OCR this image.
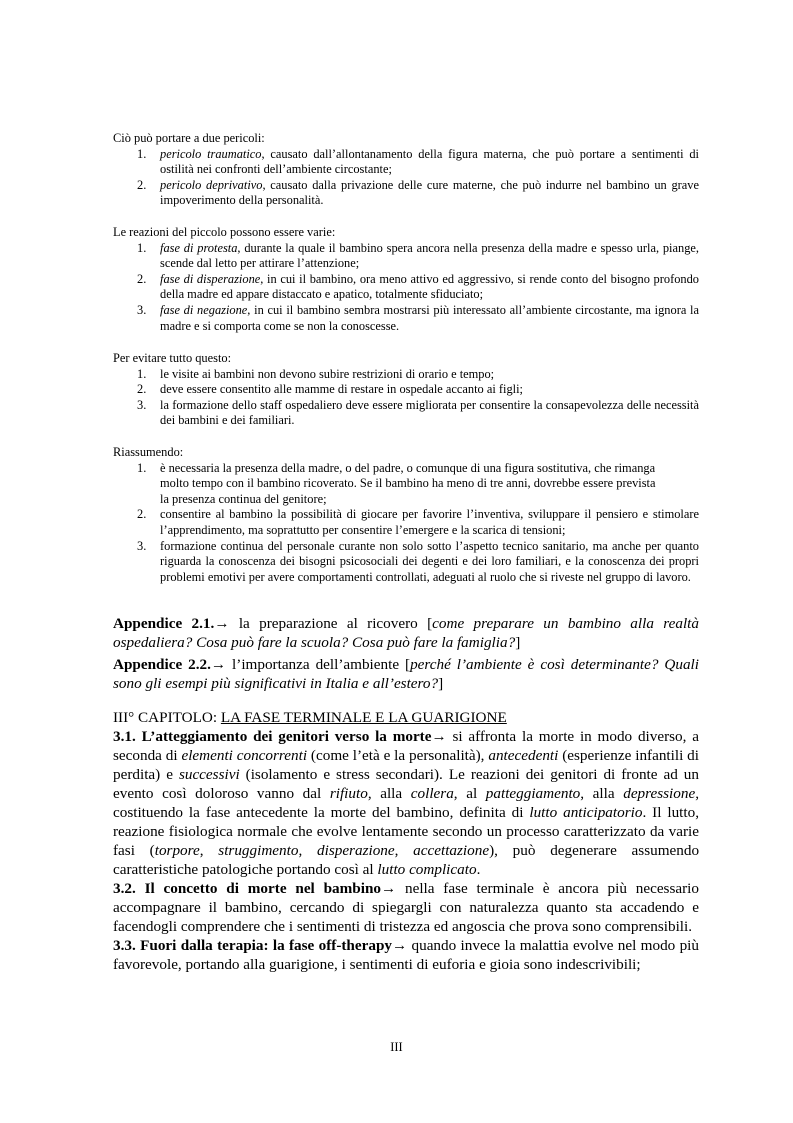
Ciò può portare a due pericoli:

1. pericolo traumatico, causato dall’allontanamento della figura materna, che può portare a sentimenti di ostilità nei confronti dell’ambiente circostante;
2. pericolo deprivativo, causato dalla privazione delle cure materne, che può indurre nel bambino un grave impoverimento della personalità.

Le reazioni del piccolo possono essere varie:

1. fase di protesta, durante la quale il bambino spera ancora nella presenza della madre e spesso urla, piange, scende dal letto per attirare l’attenzione;
2. fase di disperazione, in cui il bambino, ora meno attivo ed aggressivo, si rende conto del bisogno profondo della madre ed appare distaccato e apatico, totalmente sfiduciato;
3. fase di negazione, in cui il bambino sembra mostrarsi più interessato all’ambiente circostante, ma ignora la madre e si comporta come se non la conoscesse.

Per evitare tutto questo:

1. le visite ai bambini non devono subire restrizioni di orario e tempo;
2. deve essere consentito alle mamme di restare in ospedale accanto ai figli;
3. la formazione dello staff ospedaliero deve essere migliorata per consentire la consapevolezza delle necessità dei bambini e dei familiari.

Riassumendo:

1. è necessaria la presenza della madre, o del padre, o comunque di una figura sostitutiva, che rimanga
molto tempo con il bambino ricoverato. Se il bambino ha meno di tre anni, dovrebbe essere prevista
la presenza continua del genitore;
2. consentire al bambino la possibilità di giocare per favorire l’inventiva, sviluppare il pensiero e stimolare l’apprendimento, ma soprattutto per consentire l’emergere e la scarica di tensioni;
3. formazione continua del personale curante non solo sotto l’aspetto tecnico sanitario, ma anche per quanto riguarda la conoscenza dei bisogni psicosociali dei degenti e dei loro familiari, e la conoscenza dei propri problemi emotivi per avere comportamenti controllati, adeguati al ruolo che si riveste nel gruppo di lavoro.

Appendice 2.1.→ la preparazione al ricovero [come preparare un bambino alla realtà ospedaliera? Cosa può fare la scuola? Cosa può fare la famiglia?]

Appendice 2.2.→ l’importanza dell’ambiente [perché l’ambiente è così determinante? Quali sono gli esempi più significativi in Italia e all’estero?]

III° CAPITOLO: LA FASE TERMINALE E LA GUARIGIONE

3.1. L’atteggiamento dei genitori verso la morte→ si affronta la morte in modo diverso, a seconda di elementi concorrenti (come l’età e la personalità), antecedenti (esperienze infantili di perdita) e successivi (isolamento e stress secondari). Le reazioni dei genitori di fronte ad un evento così doloroso vanno dal rifiuto, alla collera, al patteggiamento, alla depressione, costituendo la fase antecedente la morte del bambino, definita di lutto anticipatorio. Il lutto, reazione fisiologica normale che evolve lentamente secondo un processo caratterizzato da varie fasi (torpore, struggimento, disperazione, accettazione), può degenerare assumendo caratteristiche patologiche portando così al lutto complicato.

3.2. Il concetto di morte nel bambino→ nella fase terminale è ancora più necessario accompagnare il bambino, cercando di spiegargli con naturalezza quanto sta accadendo e facendogli comprendere che i sentimenti di tristezza ed angoscia che prova sono comprensibili.

3.3. Fuori dalla terapia: la fase off-therapy→ quando invece la malattia evolve nel modo più favorevole, portando alla guarigione, i sentimenti di euforia e gioia sono indescrivibili;

III
